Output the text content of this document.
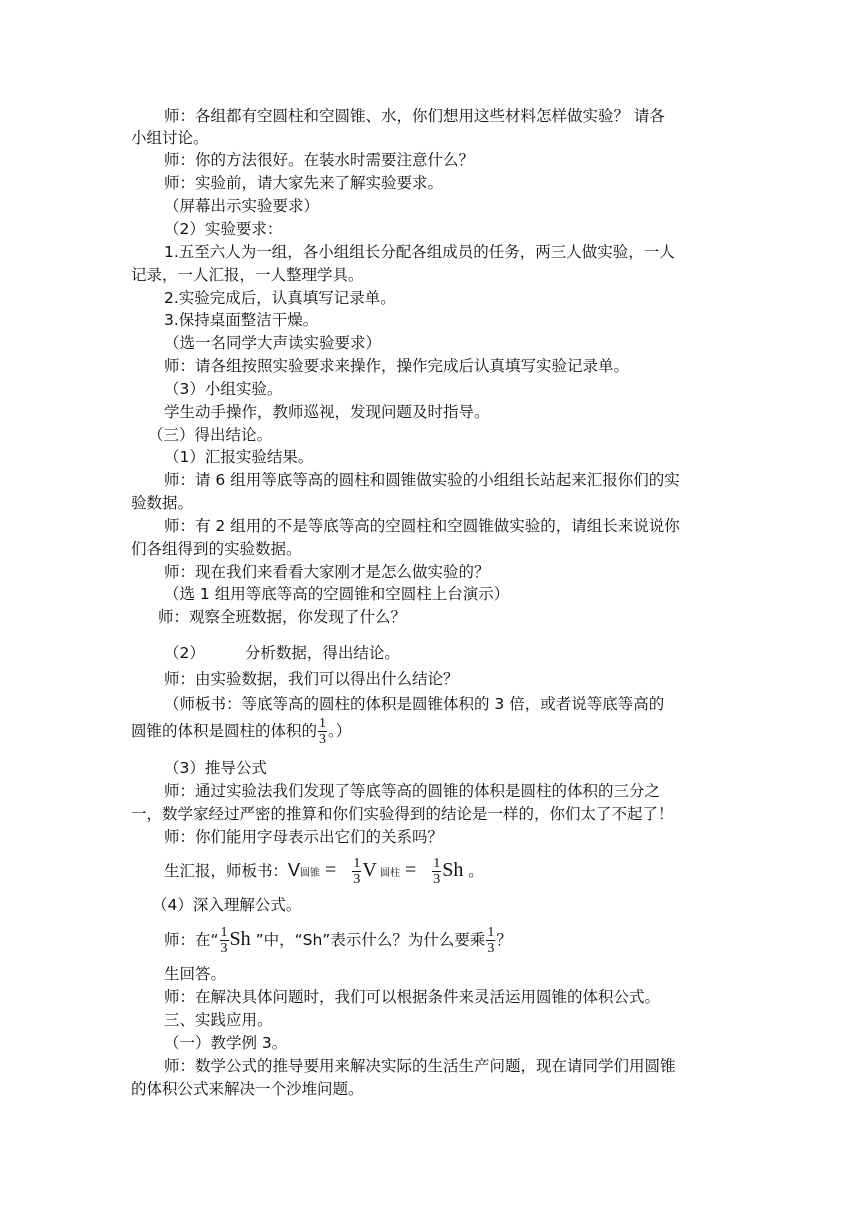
师：各组都有空圆柱和空圆锥、水，你们想用这些材料怎样做实验？ 请各
小组讨论。
师：你的方法很好。在装水时需要注意什么？
师：实验前，请大家先来了解实验要求。
（屏幕出示实验要求）
（2）实验要求：
1.五至六人为一组，各小组组长分配各组成员的任务，两三人做实验，一人
记录，一人汇报，一人整理学具。
2.实验完成后，认真填写记录单。
3.保持桌面整洁干燥。
（选一名同学大声读实验要求）
师：请各组按照实验要求来操作，操作完成后认真填写实验记录单。
（3）小组实验。
学生动手操作，教师巡视，发现问题及时指导。
（三）得出结论。
（1）汇报实验结果。
师：请 6 组用等底等高的圆柱和圆锥做实验的小组组长站起来汇报你们的实
验数据。
师：有 2 组用的不是等底等高的空圆柱和空圆锥做实验的，请组长来说说你
们各组得到的实验数据。
师：现在我们来看看大家刚才是怎么做实验的？
（选 1 组用等底等高的空圆锥和空圆柱上台演示）
师：观察全班数据，你发现了什么？
（2）	分析数据，得出结论。
师：由实验数据，我们可以得出什么结论？
（师板书：等底等高的圆柱的体积是圆锥体积的 3 倍，或者说等底等高的
圆锥的体积是圆柱的体积的 $\frac{1}{3}$ 。）
（3）推导公式
师：通过实验法我们发现了等底等高的圆锥的体积是圆柱的体积的三分之
一，数学家经过严密的推算和你们实验得到的结论是一样的，你们太了不起了！
师：你们能用字母表示出它们的关系吗？
生汇报，师板书：V圆锥 = $\frac{1}{3}$ V 圆柱 = $\frac{1}{3}$ Sh 。
（4）深入理解公式。
师：在“ $\frac{1}{3}$ Sh ”中，“Sh”表示什么？为什么要乘 $\frac{1}{3}$ ？
生回答。
师：在解决具体问题时，我们可以根据条件来灵活运用圆锥的体积公式。
三、实践应用。
（一）教学例 3。
师：数学公式的推导要用来解决实际的生活生产问题，现在请同学们用圆锥
的体积公式来解决一个沙堆问题。
